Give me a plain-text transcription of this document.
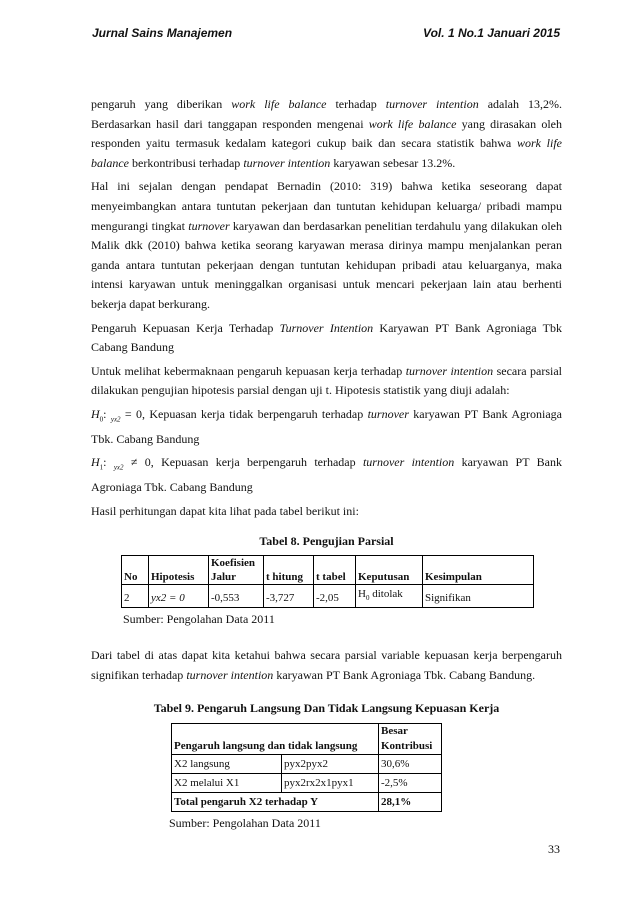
Jurnal Sains Manajemen	Vol. 1 No.1 Januari 2015

pengaruh yang diberikan work life balance terhadap turnover intention adalah 13,2%. Berdasarkan hasil dari tanggapan responden mengenai work life balance yang dirasakan oleh responden yaitu termasuk kedalam kategori cukup baik dan secara statistik bahwa work life balance berkontribusi terhadap turnover intention karyawan sebesar 13.2%.

Hal ini sejalan dengan pendapat Bernadin (2010: 319) bahwa ketika seseorang dapat menyeimbangkan antara tuntutan pekerjaan dan tuntutan kehidupan keluarga/ pribadi mampu mengurangi tingkat turnover karyawan dan berdasarkan penelitian terdahulu yang dilakukan oleh Malik dkk (2010) bahwa ketika seorang karyawan merasa dirinya mampu menjalankan peran ganda antara tuntutan pekerjaan dengan tuntutan kehidupan pribadi atau keluarganya, maka intensi karyawan untuk meninggalkan organisasi untuk mencari pekerjaan lain atau berhenti bekerja dapat berkurang.

Pengaruh Kepuasan Kerja Terhadap Turnover Intention Karyawan PT Bank Agroniaga Tbk Cabang Bandung

Untuk melihat kebermaknaan pengaruh kepuasan kerja terhadap turnover intention secara parsial dilakukan pengujian hipotesis parsial dengan uji t. Hipotesis statistik yang diuji adalah:

$H_0$: $_{yx2}$ = 0, Kepuasan kerja tidak berpengaruh terhadap turnover karyawan PT Bank Agroniaga Tbk. Cabang Bandung

$H_1$: $_{yx2}$ ≠ 0, Kepuasan kerja berpengaruh terhadap turnover intention karyawan PT Bank Agroniaga Tbk. Cabang Bandung

Hasil perhitungan dapat kita lihat pada tabel berikut ini:

Tabel 8. Pengujian Parsial
No	Hipotesis	Koefisien Jalur	t hitung	t tabel	Keputusan	Kesimpulan
2	yx2 = 0	-0,553	-3,727	-2,05	$H_0$ ditolak	Signifikan
Sumber: Pengolahan Data 2011

Dari tabel di atas dapat kita ketahui bahwa secara parsial variable kepuasan kerja berpengaruh signifikan terhadap turnover intention karyawan PT Bank Agroniaga Tbk. Cabang Bandung.

Tabel 9. Pengaruh Langsung Dan Tidak Langsung Kepuasan Kerja
Pengaruh langsung dan tidak langsung		Besar Kontribusi
X2 langsung	pyx2pyx2	30,6%
X2 melalui X1	pyx2rx2x1pyx1	-2,5%
Total pengaruh X2 terhadap Y		28,1%
Sumber: Pengolahan Data 2011
33
